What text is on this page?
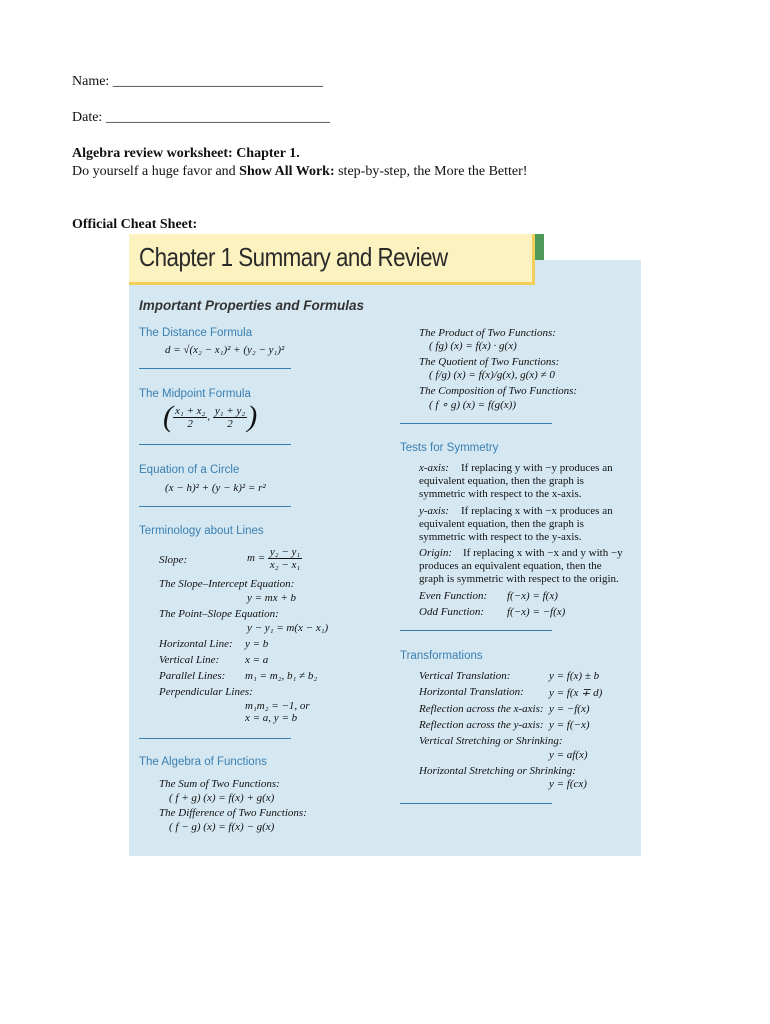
Name: ______________________________
Date: ________________________________
Algebra review worksheet: Chapter 1.
Do yourself a huge favor and Show All Work: step-by-step, the More the Better!
Official Cheat Sheet:
Chapter 1 Summary and Review
Important Properties and Formulas
The Distance Formula
d = √(x₂ − x₁)² + (y₂ − y₁)²
The Midpoint Formula
( $\frac{\text{x₁ + x₂}}{2}$ , $\frac{\text{y₁ + y₂}}{2}$ )
Equation of a Circle
(x − h)² + (y − k)² = r²
Terminology about Lines
Slope:	$m = \frac{\text{y₂ − y₁}}{\text{x₂ − x₁}}$
The Slope–Intercept Equation:
y = mx + b
The Point–Slope Equation:
y − y₁ = m(x − x₁)
Horizontal Line: y = b
Vertical Line: x = a
Parallel Lines: m₁ = m₂, b₁ ≠ b₂
Perpendicular Lines:
m₁m₂ = −1, or
x = a, y = b
The Algebra of Functions
The Sum of Two Functions:
( f + g) (x) = f(x) + g(x)
The Difference of Two Functions:
( f − g) (x) = f(x) − g(x)
The Product of Two Functions:
( fg) (x) = f(x) · g(x)
The Quotient of Two Functions:
( f/g) (x) = f(x)/g(x), g(x) ≠ 0
The Composition of Two Functions:
( f ∘ g) (x) = f(g(x))
Tests for Symmetry
x-axis: If replacing y with −y produces an
equivalent equation, then the graph is
symmetric with respect to the x-axis.
y-axis: If replacing x with −x produces an
equivalent equation, then the graph is
symmetric with respect to the y-axis.
Origin: If replacing x with −x and y with −y
produces an equivalent equation, then the
graph is symmetric with respect to the origin.
Even Function: f(−x) = f(x)
Odd Function: f(−x) = −f(x)
Transformations
Vertical Translation:	y = f(x) ± b
Horizontal Translation: y = f(x ∓ d)
Reflection across the x-axis: y = −f(x)
Reflection across the y-axis: y = f(−x)
Vertical Stretching or Shrinking:
y = af(x)
Horizontal Stretching or Shrinking:
y = f(cx)
